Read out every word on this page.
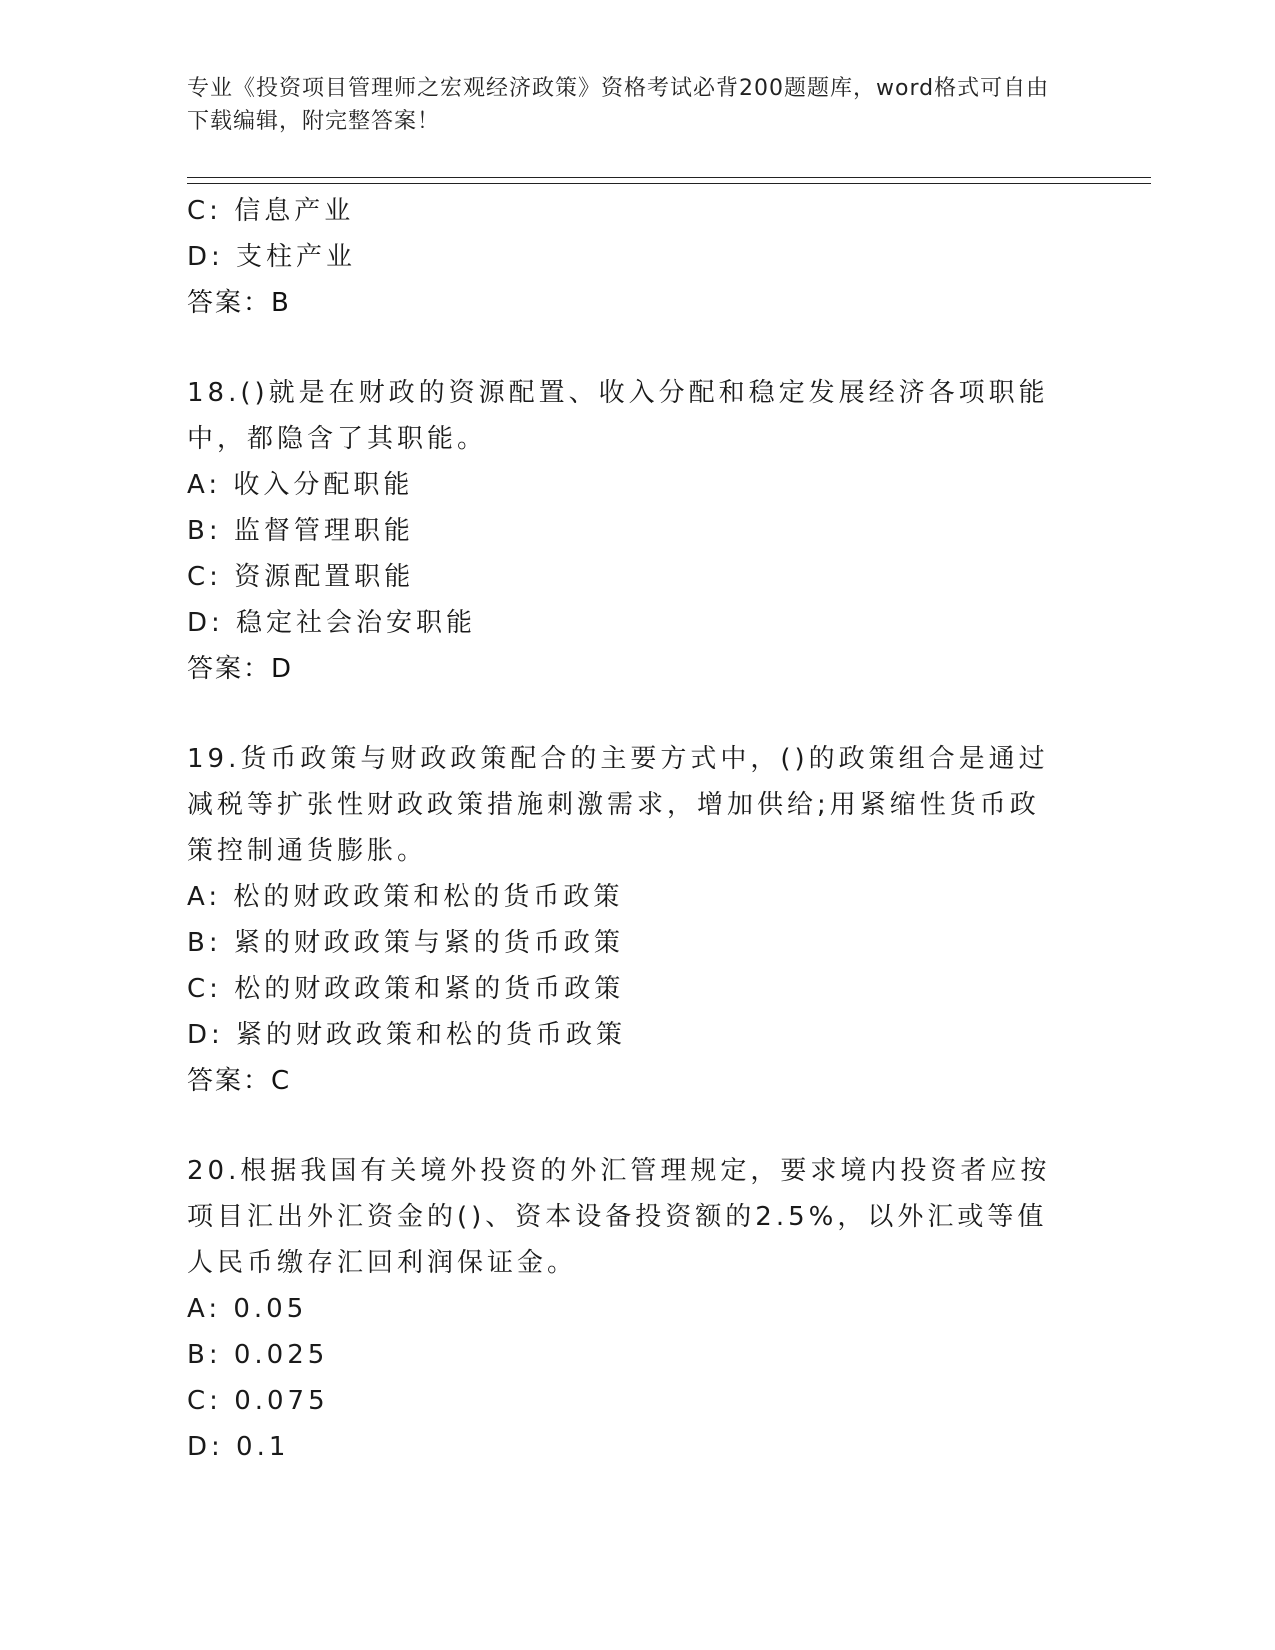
专业《投资项目管理师之宏观经济政策》资格考试必背200题题库，word格式可自由下载编辑，附完整答案！
C: 信息产业
D: 支柱产业
答案：B
18.()就是在财政的资源配置、收入分配和稳定发展经济各项职能中，都隐含了其职能。
A: 收入分配职能
B: 监督管理职能
C: 资源配置职能
D: 稳定社会治安职能
答案：D
19.货币政策与财政政策配合的主要方式中，()的政策组合是通过减税等扩张性财政政策措施刺激需求，增加供给;用紧缩性货币政策控制通货膨胀。
A: 松的财政政策和松的货币政策
B: 紧的财政政策与紧的货币政策
C: 松的财政政策和紧的货币政策
D: 紧的财政政策和松的货币政策
答案：C
20.根据我国有关境外投资的外汇管理规定，要求境内投资者应按项目汇出外汇资金的()、资本设备投资额的2.5%，以外汇或等值人民币缴存汇回利润保证金。
A: 0.05
B: 0.025
C: 0.075
D: 0.1
